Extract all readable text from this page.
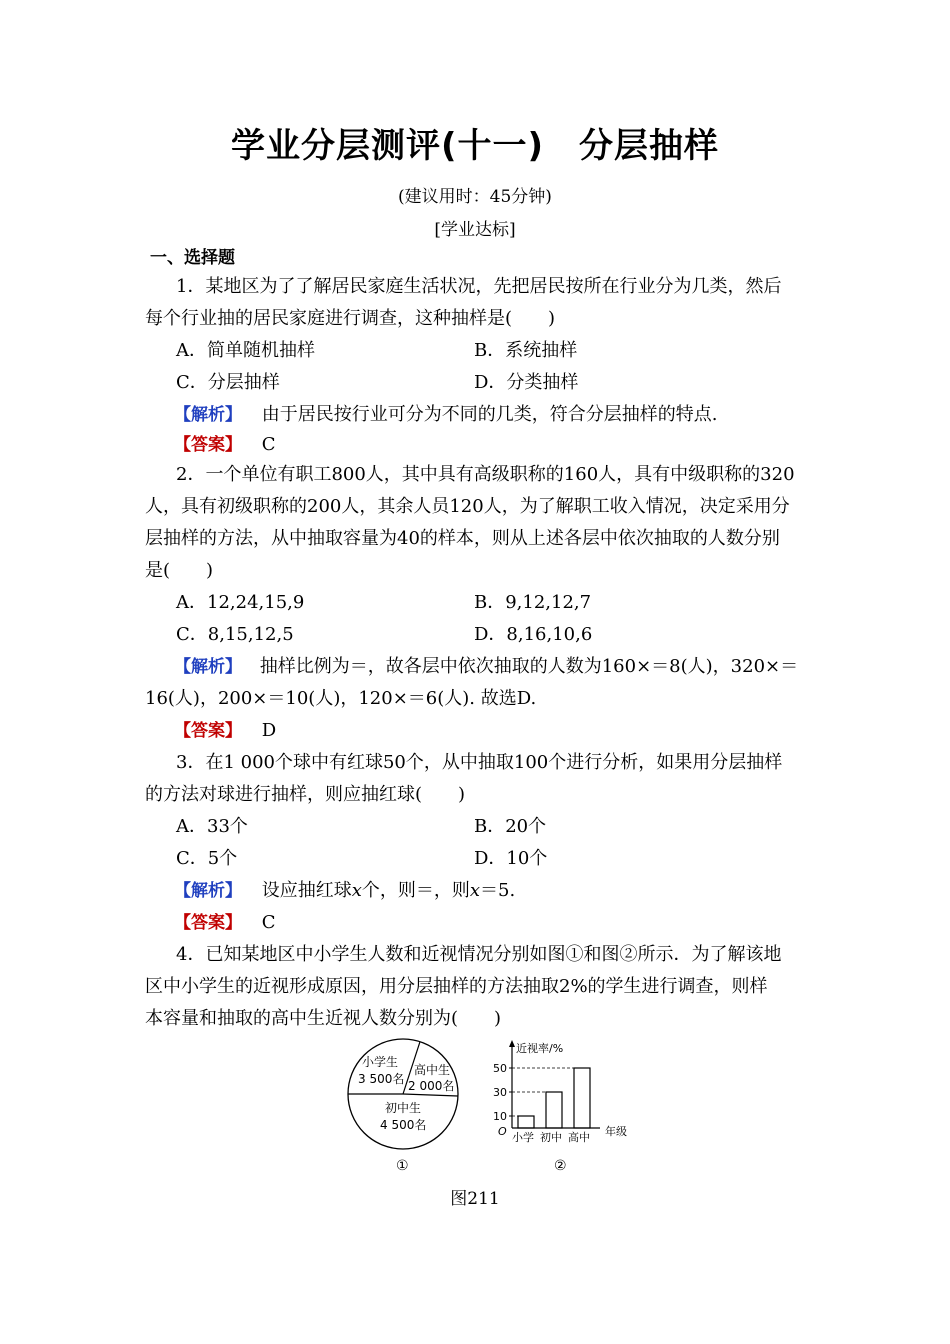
学业分层测评(十一)　分层抽样
(建议用时：45分钟)
[学业达标]
一、选择题
1．某地区为了了解居民家庭生活状况，先把居民按所在行业分为几类，然后
每个行业抽的居民家庭进行调查，这种抽样是(　　)
A．简单随机抽样	B．系统抽样
C．分层抽样	D．分类抽样
【解析】 由于居民按行业可分为不同的几类，符合分层抽样的特点.
【答案】 C
2．一个单位有职工800人，其中具有高级职称的160人，具有中级职称的320
人，具有初级职称的200人，其余人员120人，为了解职工收入情况，决定采用分
层抽样的方法，从中抽取容量为40的样本，则从上述各层中依次抽取的人数分别
是(　　)
A．12,24,15,9	B．9,12,12,7
C．8,15,12,5	D．8,16,10,6
【解析】 抽样比例为＝，故各层中依次抽取的人数为160×＝8(人)，320×＝
16(人)，200×＝10(人)，120×＝6(人). 故选D.
【答案】 D
3．在1 000个球中有红球50个，从中抽取100个进行分析，如果用分层抽样
的方法对球进行抽样，则应抽红球(　　)
A．33个	B．20个
C．5个	D．10个
【解析】 设应抽红球x个，则＝，则x＝5.
【答案】 C
4．已知某地区中小学生人数和近视情况分别如图①和图②所示．为了解该地
区中小学生的近视形成原因，用分层抽样的方法抽取2%的学生进行调查，则样
本容量和抽取的高中生近视人数分别为(　　)
小学生
3 500名
高中生
2 000名
初中生
4 500名
①
近视率/%
O
10
30
50
小学 初中 高中 年级
②
图211
